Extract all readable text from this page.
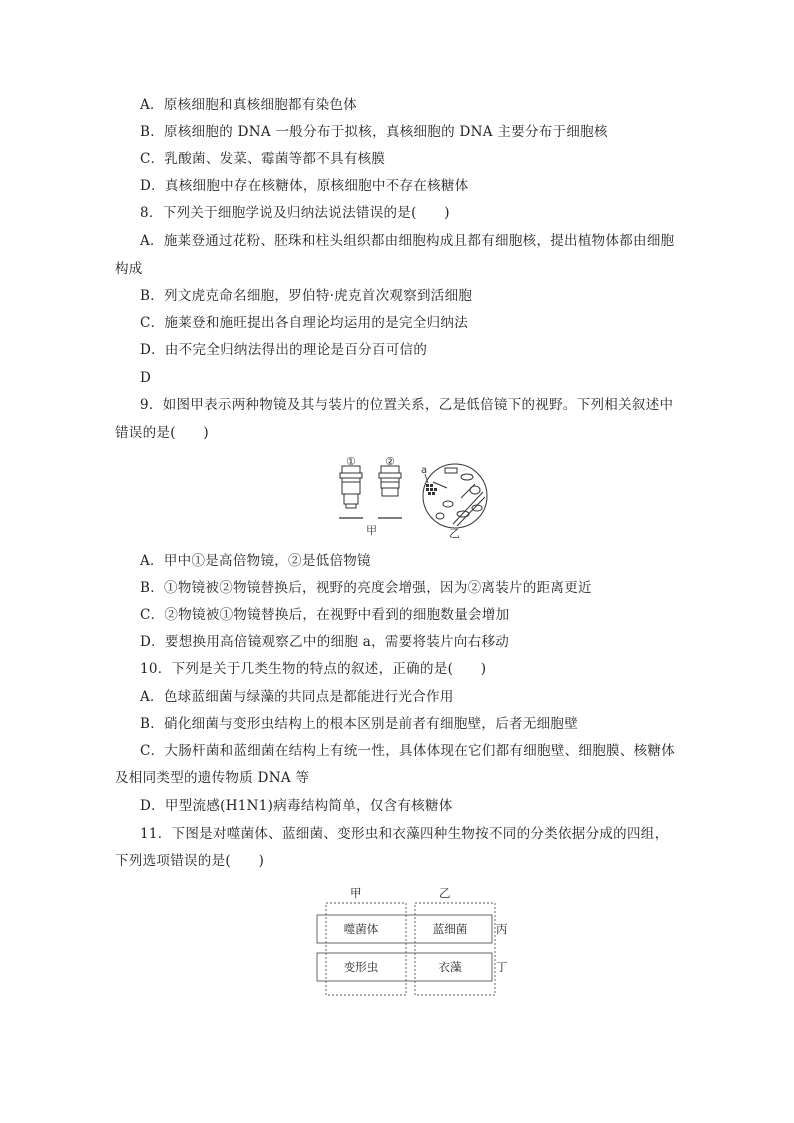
A．原核细胞和真核细胞都有染色体
B．原核细胞的 DNA 一般分布于拟核，真核细胞的 DNA 主要分布于细胞核
C．乳酸菌、发菜、霉菌等都不具有核膜
D．真核细胞中存在核糖体，原核细胞中不存在核糖体
8．下列关于细胞学说及归纳法说法错误的是(　　)
A．施莱登通过花粉、胚珠和柱头组织都由细胞构成且都有细胞核，提出植物体都由细胞
构成
B．列文虎克命名细胞，罗伯特·虎克首次观察到活细胞
C．施莱登和施旺提出各自理论均运用的是完全归纳法
D．由不完全归纳法得出的理论是百分百可信的
D
9．如图甲表示两种物镜及其与装片的位置关系，乙是低倍镜下的视野。下列相关叙述中
错误的是(　　)
①	②
甲	乙
a
A．甲中①是高倍物镜，②是低倍物镜
B．①物镜被②物镜替换后，视野的亮度会增强，因为②离装片的距离更近
C．②物镜被①物镜替换后，在视野中看到的细胞数量会增加
D．要想换用高倍镜观察乙中的细胞 a，需要将装片向右移动
10．下列是关于几类生物的特点的叙述，正确的是(　　)
A．色球蓝细菌与绿藻的共同点是都能进行光合作用
B．硝化细菌与变形虫结构上的根本区别是前者有细胞壁，后者无细胞壁
C．大肠杆菌和蓝细菌在结构上有统一性，具体体现在它们都有细胞壁、细胞膜、核糖体
及相同类型的遗传物质 DNA 等
D．甲型流感(H1N1)病毒结构简单，仅含有核糖体
11．下图是对噬菌体、蓝细菌、变形虫和衣藻四种生物按不同的分类依据分成的四组，
下列选项错误的是(　　)
甲	乙
丙
丁
噬菌体	蓝细菌
变形虫	衣藻
